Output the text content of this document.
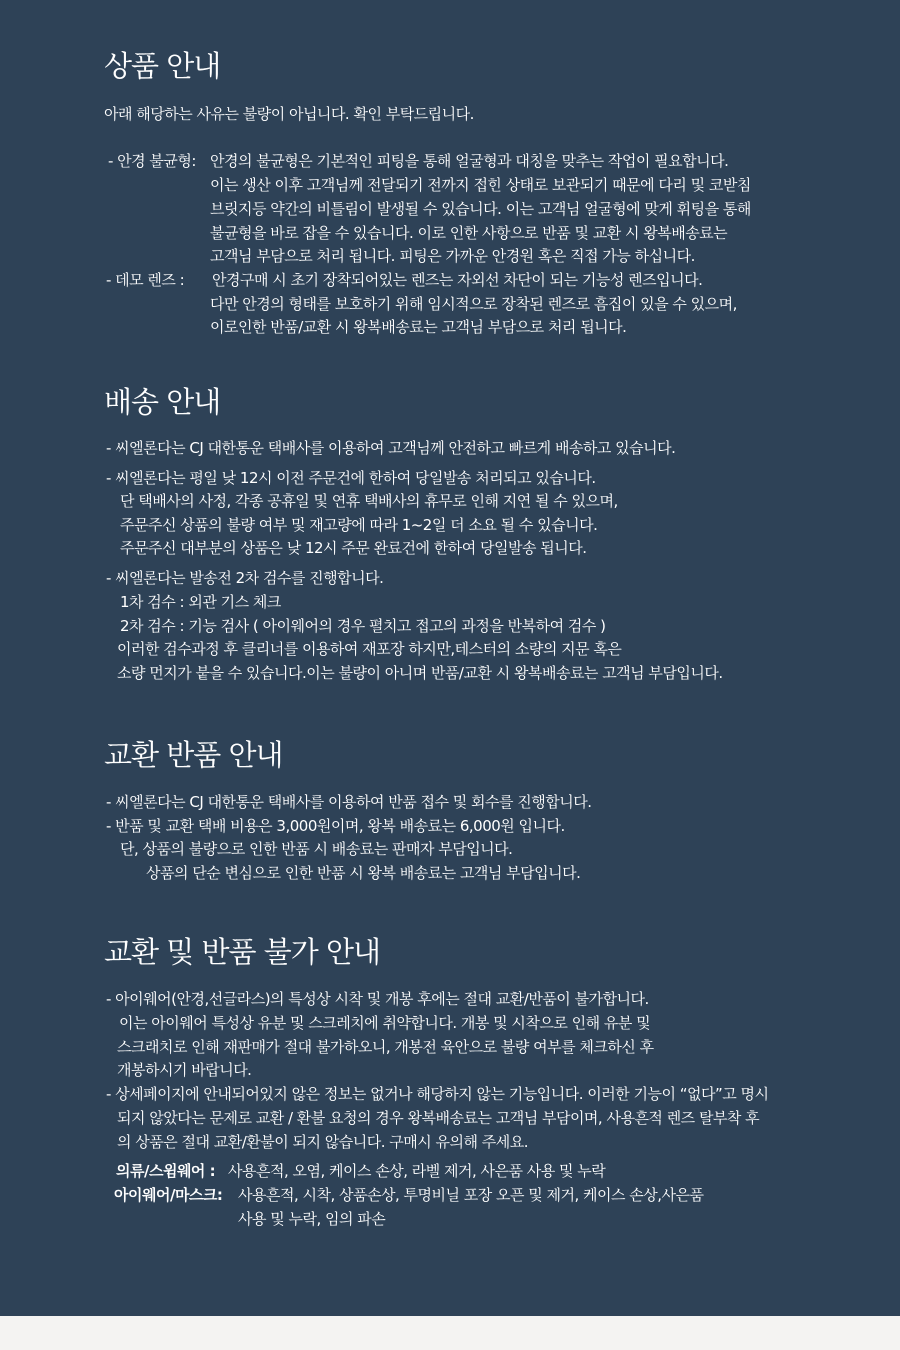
상품 안내
아래 해당하는 사유는 불량이 아닙니다. 확인 부탁드립니다.
- 안경 불균형: 안경의 불균형은 기본적인 피팅을 통해 얼굴형과 대칭을 맞추는 작업이 필요합니다.
이는 생산 이후 고객님께 전달되기 전까지 접힌 상태로 보관되기 때문에 다리 및 코받침
브릿지등 약간의 비틀림이 발생될 수 있습니다. 이는 고객님 얼굴형에 맞게 휘팅을 통해
불균형을 바로 잡을 수 있습니다. 이로 인한 사항으로 반품 및 교환 시 왕복배송료는
고객님 부담으로 처리 됩니다. 피팅은 가까운 안경원 혹은 직접 가능 하십니다.
- 데모 렌즈 : 안경구매 시 초기 장착되어있는 렌즈는 자외선 차단이 되는 기능성 렌즈입니다.
다만 안경의 형태를 보호하기 위해 임시적으로 장착된 렌즈로 흠집이 있을 수 있으며,
이로인한 반품/교환 시 왕복배송료는 고객님 부담으로 처리 됩니다.
배송 안내
- 씨엘론다는 CJ 대한통운 택배사를 이용하여 고객님께 안전하고 빠르게 배송하고 있습니다.
- 씨엘론다는 평일 낮 12시 이전 주문건에 한하여 당일발송 처리되고 있습니다.
단 택배사의 사정, 각종 공휴일 및 연휴 택배사의 휴무로 인해 지연 될 수 있으며,
주문주신 상품의 불량 여부 및 재고량에 따라 1~2일 더 소요 될 수 있습니다.
주문주신 대부분의 상품은 낮 12시 주문 완료건에 한하여 당일발송 됩니다.
- 씨엘론다는 발송전 2차 검수를 진행합니다.
1차 검수 : 외관 기스 체크
2차 검수 : 기능 검사 ( 아이웨어의 경우 펼치고 접고의 과정을 반복하여 검수 )
이러한 검수과정 후 클리너를 이용하여 재포장 하지만,테스터의 소량의 지문 혹은
소량 먼지가 붙을 수 있습니다.이는 불량이 아니며 반품/교환 시 왕복배송료는 고객님 부담입니다.
교환 반품 안내
- 씨엘론다는 CJ 대한통운 택배사를 이용하여 반품 접수 및 회수를 진행합니다.
- 반품 및 교환 택배 비용은 3,000원이며, 왕복 배송료는 6,000원 입니다.
단, 상품의 불량으로 인한 반품 시 배송료는 판매자 부담입니다.
상품의 단순 변심으로 인한 반품 시 왕복 배송료는 고객님 부담입니다.
교환 및 반품 불가 안내
- 아이웨어(안경,선글라스)의 특성상 시착 및 개봉 후에는 절대 교환/반품이 불가합니다.
이는 아이웨어 특성상 유분 및 스크레치에 취약합니다. 개봉 및 시착으로 인해 유분 및
스크래치로 인해 재판매가 절대 불가하오니, 개봉전 육안으로 불량 여부를 체크하신 후
개봉하시기 바랍니다.
- 상세페이지에 안내되어있지 않은 정보는 없거나 해당하지 않는 기능입니다. 이러한 기능이 “없다”고 명시
되지 않았다는 문제로 교환 / 환불 요청의 경우 왕복배송료는 고객님 부담이며, 사용흔적 렌즈 탈부착 후
의 상품은 절대 교환/환불이 되지 않습니다. 구매시 유의해 주세요.
의류/스윔웨어 : 사용흔적, 오염, 케이스 손상, 라벨 제거, 사은품 사용 및 누락
아이웨어/마스크: 사용흔적, 시착, 상품손상, 투명비닐 포장 오픈 및 제거, 케이스 손상,사은품
사용 및 누락, 임의 파손
